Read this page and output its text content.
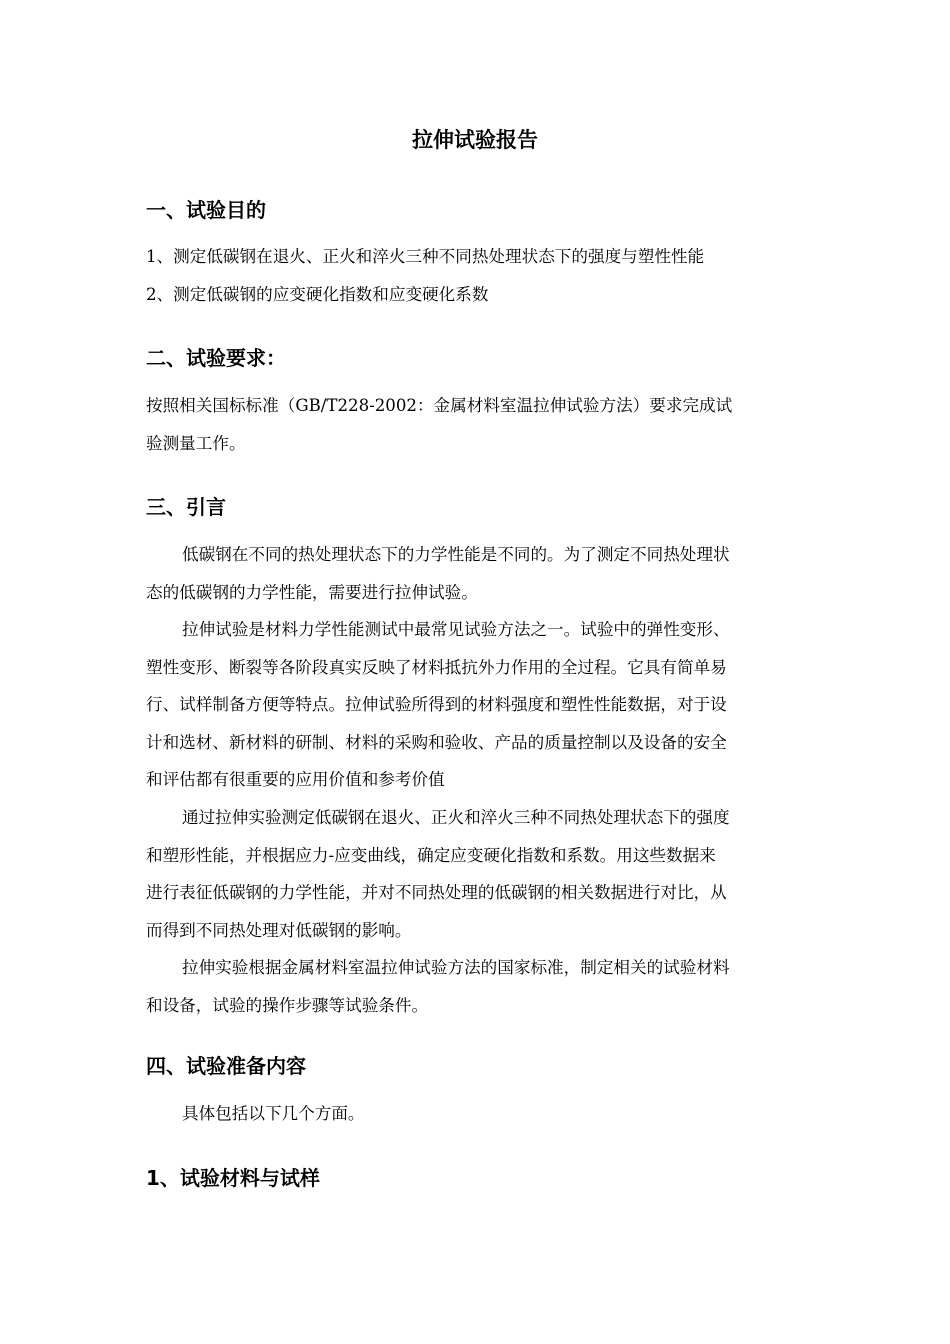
拉伸试验报告
一、试验目的
1、测定低碳钢在退火、正火和淬火三种不同热处理状态下的强度与塑性性能
2、测定低碳钢的应变硬化指数和应变硬化系数
二、试验要求：
按照相关国标标准（GB/T228-2002：金属材料室温拉伸试验方法）要求完成试
验测量工作。
三、引言
低碳钢在不同的热处理状态下的力学性能是不同的。为了测定不同热处理状
态的低碳钢的力学性能，需要进行拉伸试验。
拉伸试验是材料力学性能测试中最常见试验方法之一。试验中的弹性变形、
塑性变形、断裂等各阶段真实反映了材料抵抗外力作用的全过程。它具有简单易
行、试样制备方便等特点。拉伸试验所得到的材料强度和塑性性能数据，对于设
计和选材、新材料的研制、材料的采购和验收、产品的质量控制以及设备的安全
和评估都有很重要的应用价值和参考价值
通过拉伸实验测定低碳钢在退火、正火和淬火三种不同热处理状态下的强度
和塑形性能，并根据应力-应变曲线，确定应变硬化指数和系数。用这些数据来
进行表征低碳钢的力学性能，并对不同热处理的低碳钢的相关数据进行对比，从
而得到不同热处理对低碳钢的影响。
拉伸实验根据金属材料室温拉伸试验方法的国家标准，制定相关的试验材料
和设备，试验的操作步骤等试验条件。
四、试验准备内容
具体包括以下几个方面。
1、试验材料与试样
